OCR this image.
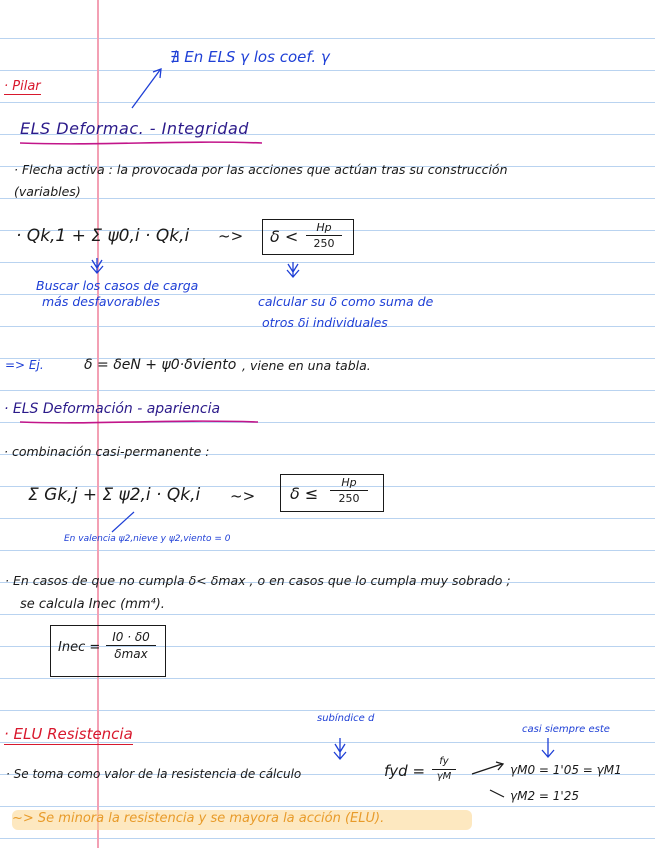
∄ En ELS γ los coef. γ
· Pilar
ELS Deformac. - Integridad
· Flecha activa : la provocada por las acciones que actúan tras su construcción
(variables)
· Qk,1 + Σ ψ0,i · Qk,i ~> δ < Hp
250
Buscar los casos de carga
más desfavorables	calcular su δ como suma de
otros δi individuales
=> Ej.	δ = δeN + ψ0·δviento , viene en una tabla.
· ELS Deformación - apariencia
· combinación casi-permanente :
Σ Gk,j + Σ ψ2,i · Qk,i ~> δ ≤
Hp
250
En valencia ψ2,nieve y ψ2,viento = 0
· En casos de que no cumpla δ< δmax , o en casos que lo cumpla muy sobrado ;
se calcula Inec (mm⁴).
Inec =
I0 · δ0
δmax
subíndice d
casi siempre este
· ELU Resistencia
· Se toma como valor de la resistencia de cálculo	fyd =
fy
γM	γM0 = 1'05 = γM1
γM2 = 1'25
~> Se minora la resistencia y se mayora la acción (ELU).
